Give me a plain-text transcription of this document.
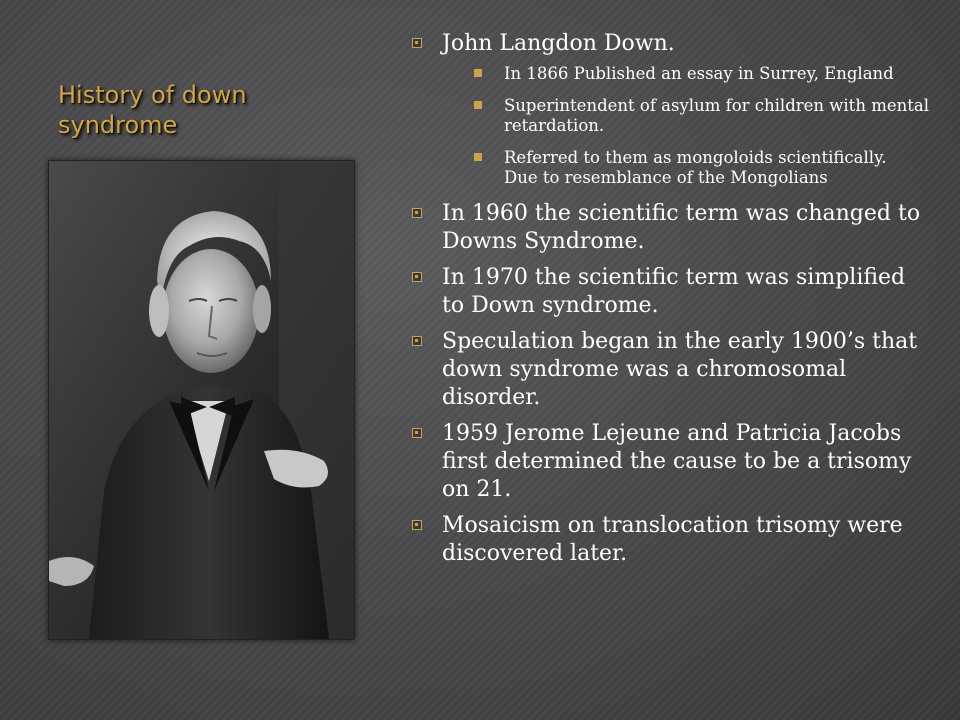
History of down syndrome
John Langdon Down.
In 1866 Published an essay in Surrey, England
Superintendent of asylum for children with mental retardation.
Referred to them as mongoloids scientifically.    Due to resemblance of the Mongolians
In 1960 the scientific term was changed to Downs Syndrome.
In 1970 the scientific term was simplified to Down syndrome.
Speculation began in the early 1900’s that down syndrome was a chromosomal disorder.
1959 Jerome Lejeune and Patricia Jacobs first determined the cause to be a trisomy on 21.
Mosaicism on translocation trisomy were discovered later.
